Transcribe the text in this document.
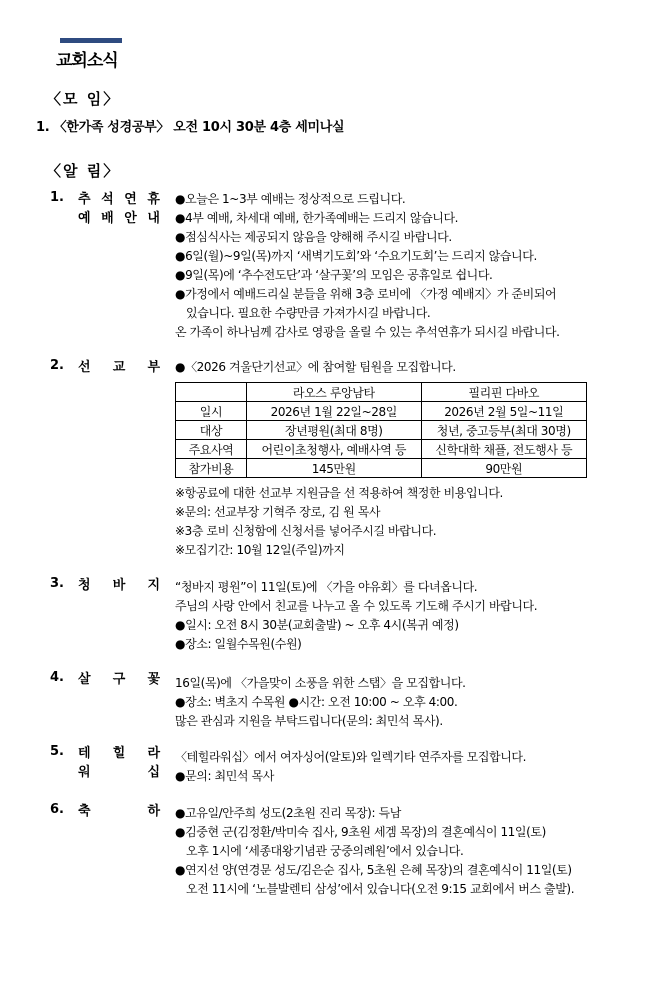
교회소식
〈모 임〉
1. 〈한가족 성경공부〉 오전 10시 30분 4층 세미나실
〈알 림〉
1. 추 석 연 휴
예 배 안 내
●오늘은 1~3부 예배는 정상적으로 드립니다.
●4부 예배, 차세대 예배, 한가족예배는 드리지 않습니다.
●점심식사는 제공되지 않음을 양해해 주시길 바랍니다.
●6일(월)~9일(목)까지 ‘새벽기도회’와 ‘수요기도회’는 드리지 않습니다.
●9일(목)에 ‘추수전도단’과 ‘살구꽃’의 모임은 공휴일로 쉽니다.
●가정에서 예배드리실 분들을 위해 3층 로비에 〈가정 예배지〉가 준비되어
있습니다. 필요한 수량만큼 가져가시길 바랍니다.
온 가족이 하나님께 감사로 영광을 올릴 수 있는 추석연휴가 되시길 바랍니다.
2. 선 교 부 ●〈2026 겨울단기선교〉에 참여할 팀원을 모집합니다.
	라오스 루앙남타	필리핀 다바오
일시	2026년 1월 22일~28일	2026년 2월 5일~11일
대상	장년평원(최대 8명)	청년, 중고등부(최대 30명)
주요사역	어린이초청행사, 예배사역 등	신학대학 채플, 전도행사 등
참가비용	145만원	90만원
※항공료에 대한 선교부 지원금을 선 적용하여 책정한 비용입니다.
※문의: 선교부장 기혁주 장로, 김 원 목사
※3층 로비 신청함에 신청서를 넣어주시길 바랍니다.
※모집기간: 10월 12일(주일)까지
3. 청 바 지 “청바지 평원”이 11일(토)에 〈가을 야유회〉를 다녀옵니다.
주님의 사랑 안에서 친교를 나누고 올 수 있도록 기도해 주시기 바랍니다.
●일시: 오전 8시 30분(교회출발) ~ 오후 4시(복귀 예정)
●장소: 일월수목원(수원)
4. 살 구 꽃 16일(목)에 〈가을맞이 소풍을 위한 스탭〉을 모집합니다.
●장소: 벽초지 수목원 ●시간: 오전 10:00 ~ 오후 4:00.
많은 관심과 지원을 부탁드립니다(문의: 최민석 목사).
5. 테 힐 라
워	십
〈테힐라워십〉에서 여자싱어(알토)와 일렉기타 연주자를 모집합니다.
●문의: 최민석 목사
6. 축	하 ●고유일/안주희 성도(2초원 진리 목장): 득남
●김중현 군(김정환/박미숙 집사, 9초원 세겜 목장)의 결혼예식이 11일(토)
오후 1시에 ‘세종대왕기념관 궁중의례원’에서 있습니다.
●연지선 양(연경문 성도/김은순 집사, 5초원 은혜 목장)의 결혼예식이 11일(토)
오전 11시에 ‘노블발렌티 삼성’에서 있습니다(오전 9:15 교회에서 버스 출발).
